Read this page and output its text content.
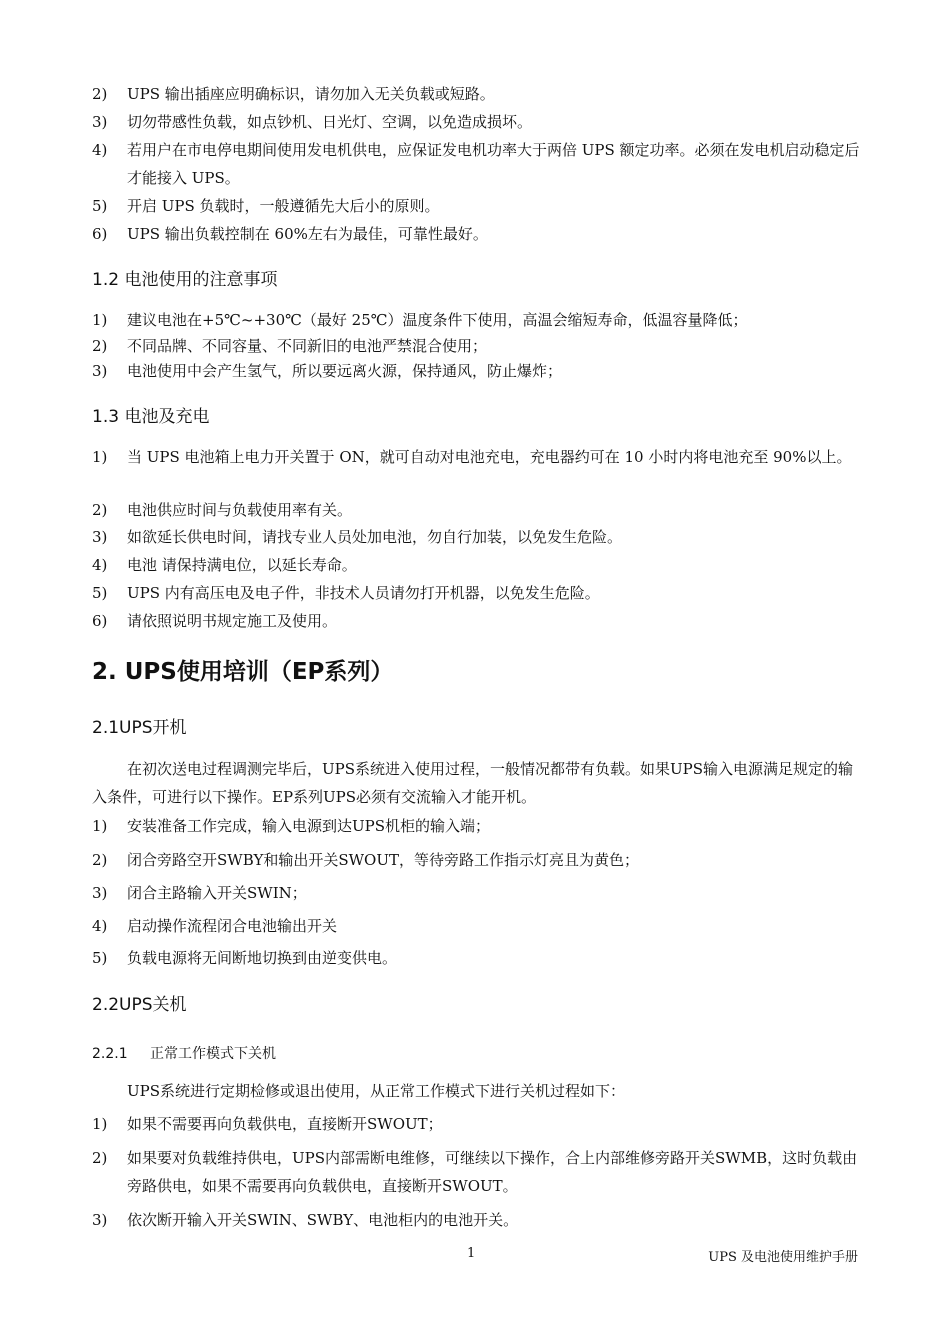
2)	UPS 输出插座应明确标识，请勿加入无关负载或短路。
3)	切勿带感性负载，如点钞机、日光灯、空调，以免造成损坏。
4)	若用户在市电停电期间使用发电机供电，应保证发电机功率大于两倍 UPS 额定功率。必须在发电机启动稳定后才能接入 UPS。
5)	开启 UPS 负载时，一般遵循先大后小的原则。
6)	UPS 输出负载控制在 60%左右为最佳，可靠性最好。
1.2 电池使用的注意事项
1)	建议电池在+5℃~+30℃（最好 25℃）温度条件下使用，高温会缩短寿命，低温容量降低；
2)	不同品牌、不同容量、不同新旧的电池严禁混合使用；
3)	电池使用中会产生氢气，所以要远离火源，保持通风，防止爆炸；
1.3 电池及充电
1)	当 UPS 电池箱上电力开关置于 ON，就可自动对电池充电，充电器约可在 10 小时内将电池充至 90%以上。
2)	电池供应时间与负载使用率有关。
3)	如欲延长供电时间，请找专业人员处加电池，勿自行加装，以免发生危险。
4)	电池 请保持满电位，以延长寿命。
5)	UPS 内有高压电及电子件，非技术人员请勿打开机器，以免发生危险。
6)	请依照说明书规定施工及使用。
2. UPS使用培训（EP系列）
2.1UPS开机
在初次送电过程调测完毕后，UPS系统进入使用过程，一般情况都带有负载。如果UPS输入电源满足规定的输入条件，可进行以下操作。EP系列UPS必须有交流输入才能开机。
1)	安装准备工作完成，输入电源到达UPS机柜的输入端；
2)	闭合旁路空开SWBY和输出开关SWOUT，等待旁路工作指示灯亮且为黄色；
3)	闭合主路输入开关SWIN；
4)	启动操作流程闭合电池输出开关
5)	负载电源将无间断地切换到由逆变供电。
2.2UPS关机
2.2.1 正常工作模式下关机
UPS系统进行定期检修或退出使用，从正常工作模式下进行关机过程如下：
1)	如果不需要再向负载供电，直接断开SWOUT；
2)	如果要对负载维持供电，UPS内部需断电维修，可继续以下操作，合上内部维修旁路开关SWMB，这时负载由旁路供电，如果不需要再向负载供电，直接断开SWOUT。
3)	依次断开输入开关SWIN、SWBY、电池柜内的电池开关。
1	UPS 及电池使用维护手册
